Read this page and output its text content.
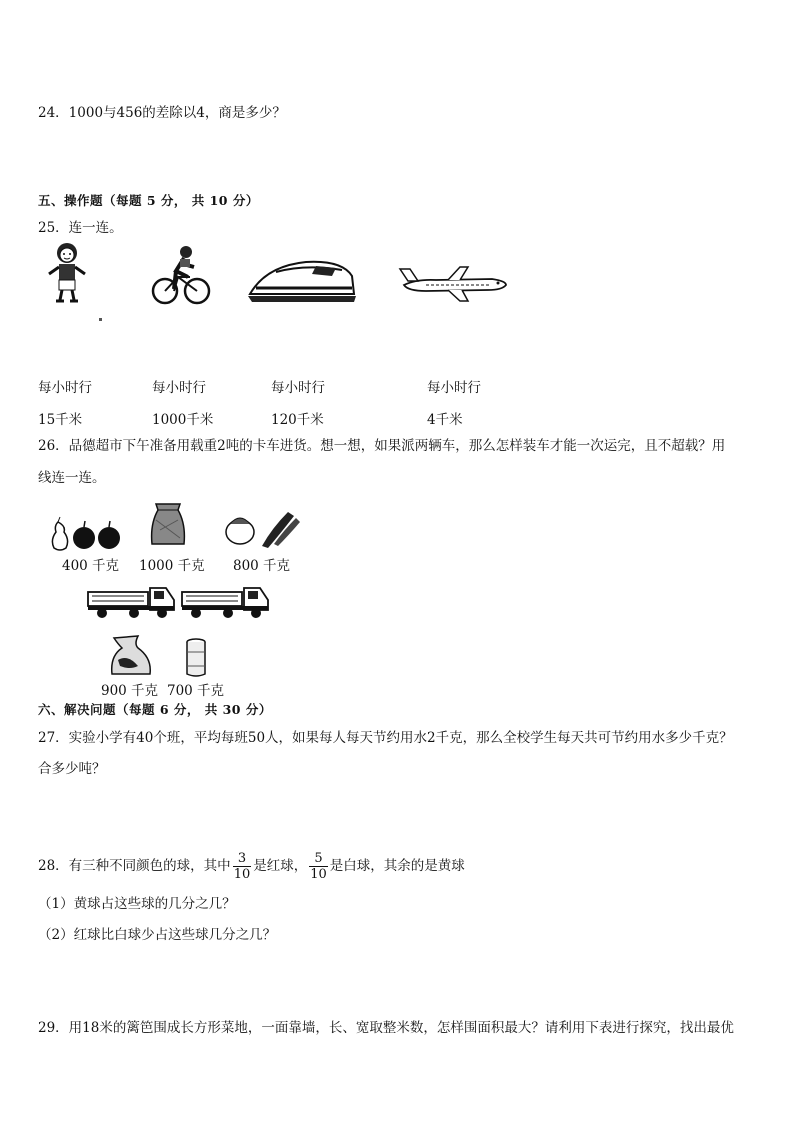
24．1000与456的差除以4，商是多少？
五、操作题（每题 5 分， 共 10 分）
25．连一连。
每小时行
15千米
每小时行
1000千米
每小时行
120千米
每小时行
4千米
26．品德超市下午准备用载重2吨的卡车进货。想一想，如果派两辆车，那么怎样装车才能一次运完，且不超载？用
线连一连。
400 千克 1000 千克 800 千克
900 千克 700 千克
六、解决问题（每题 6 分， 共 30 分）
27．实验小学有40个班，平均每班50人，如果每人每天节约用水2千克，那么全校学生每天共可节约用水多少千克？
合多少吨？
28．有三种不同颜色的球，其中 $\frac{3}{10}$ 是红球， $\frac{5}{10}$ 是白球，其余的是黄球
（1）黄球占这些球的几分之几？
（2）红球比白球少占这些球几分之几？
29．用18米的篱笆围成长方形菜地，一面靠墙，长、宽取整米数，怎样围面积最大？请利用下表进行探究，找出最优
